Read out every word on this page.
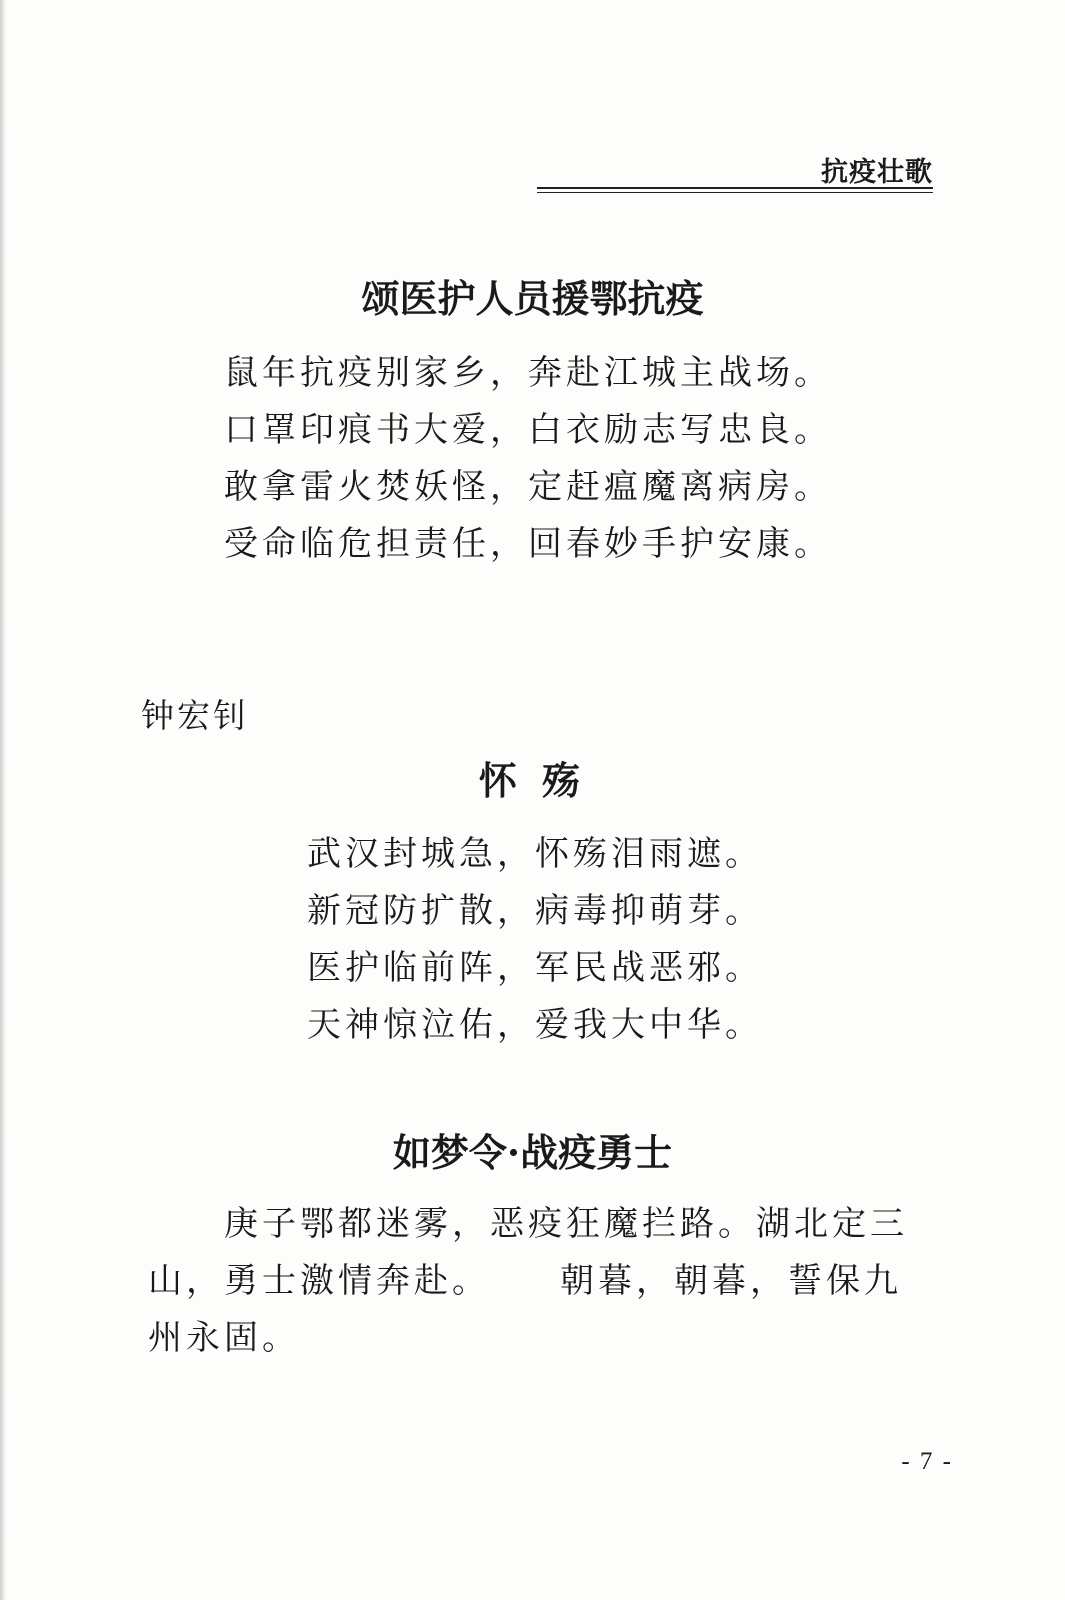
抗疫壮歌
颂医护人员援鄂抗疫
鼠年抗疫别家乡，奔赴江城主战场。
口罩印痕书大爱，白衣励志写忠良。
敢拿雷火焚妖怪，定赶瘟魔离病房。
受命临危担责任，回春妙手护安康。
钟宏钊
怀 殇
武汉封城急，怀殇泪雨遮。
新冠防扩散，病毒抑萌芽。
医护临前阵，军民战恶邪。
天神惊泣佑，爱我大中华。
如梦令·战疫勇士
庚子鄂都迷雾，恶疫狂魔拦路。湖北定三
山，勇士激情奔赴。 朝暮，朝暮，誓保九
州永固。
- 7 -
